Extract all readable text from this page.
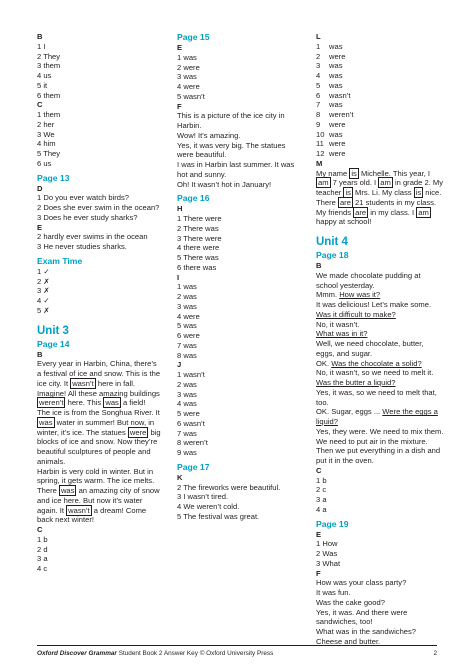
B
1 I
2 They
3 them
4 us
5 it
6 them
C
1 them
2 her
3 We
4 him
5 They
6 us
Page 13
D
1 Do you ever watch birds?
2 Does she ever swim in the ocean?
3 Does he ever study sharks?
E
2 hardly ever swims in the ocean
3 He never studies sharks.
Exam Time
1 ✓
2 ✗
3 ✗
4 ✓
5 ✗
Unit 3
Page 14
B
Every year in Harbin, China, there’s a festival of ice and snow. This is the ice city. It wasn’t here in fall. Imagine! All these amazing buildings weren’t here. This was a field!
The ice is from the Songhua River. It was water in summer! But now, in winter, it’s ice. The statues were big blocks of ice and snow. Now they’re beautiful sculptures of people and animals.
Harbin is very cold in winter. But in spring, it gets warm. The ice melts. There was an amazing city of snow and ice here. But now it’s water again. It wasn’t a dream! Come back next winter!
C
1 b
2 d
3 a
4 c
Page 15
E
1 was
2 were
3 was
4 were
5 wasn’t
F
This is a picture of the ice city in Harbin.
Wow! It’s amazing.
Yes, it was very big. The statues were beautiful.
I was in Harbin last summer. It was hot and sunny.
Oh! It wasn’t hot in January!
Page 16
H
1 There were
2 There was
3 There were
4 there were
5 There was
6 there was
I
1 was
2 was
3 was
4 were
5 was
6 were
7 was
8 was
J
1 wasn’t
2 was
3 was
4 was
5 were
6 wasn’t
7 was
8 weren’t
9 was
Page 17
K
2 The fireworks were beautiful.
3 I wasn’t tired.
4 We weren’t cold.
5 The festival was great.
L
1 was
2 were
3 was
4 was
5 was
6 wasn’t
7 was
8 weren’t
9 were
10 was
11 were
12 were
M
My name is Michelle. This year, I am 7 years old. I am in grade 2. My teacher is Mrs. Li. My class is nice. There are 21 students in my class. My friends are in my class. I am happy at school!
Unit 4
Page 18
B
We made chocolate pudding at school yesterday.
Mmm. How was it?
It was delicious! Let’s make some.
Was it difficult to make?
No, it wasn’t.
What was in it?
Well, we need chocolate, butter, eggs, and sugar.
OK. Was the chocolate a solid?
No, it wasn’t, so we need to melt it.
Was the butter a liquid?
Yes, it was, so we need to melt that, too.
OK. Sugar, eggs ... Were the eggs a liquid?
Yes, they were. We need to mix them. We need to put air in the mixture. Then we put everything in a dish and put it in the oven.
C
1 b
2 c
3 a
4 a
Page 19
E
1 How
2 Was
3 What
F
How was your class party?
It was fun.
Was the cake good?
Yes, it was. And there were sandwiches, too!
What was in the sandwiches?
Cheese and butter.
Oxford Discover Grammar Student Book 2 Answer Key © Oxford University Press	2
